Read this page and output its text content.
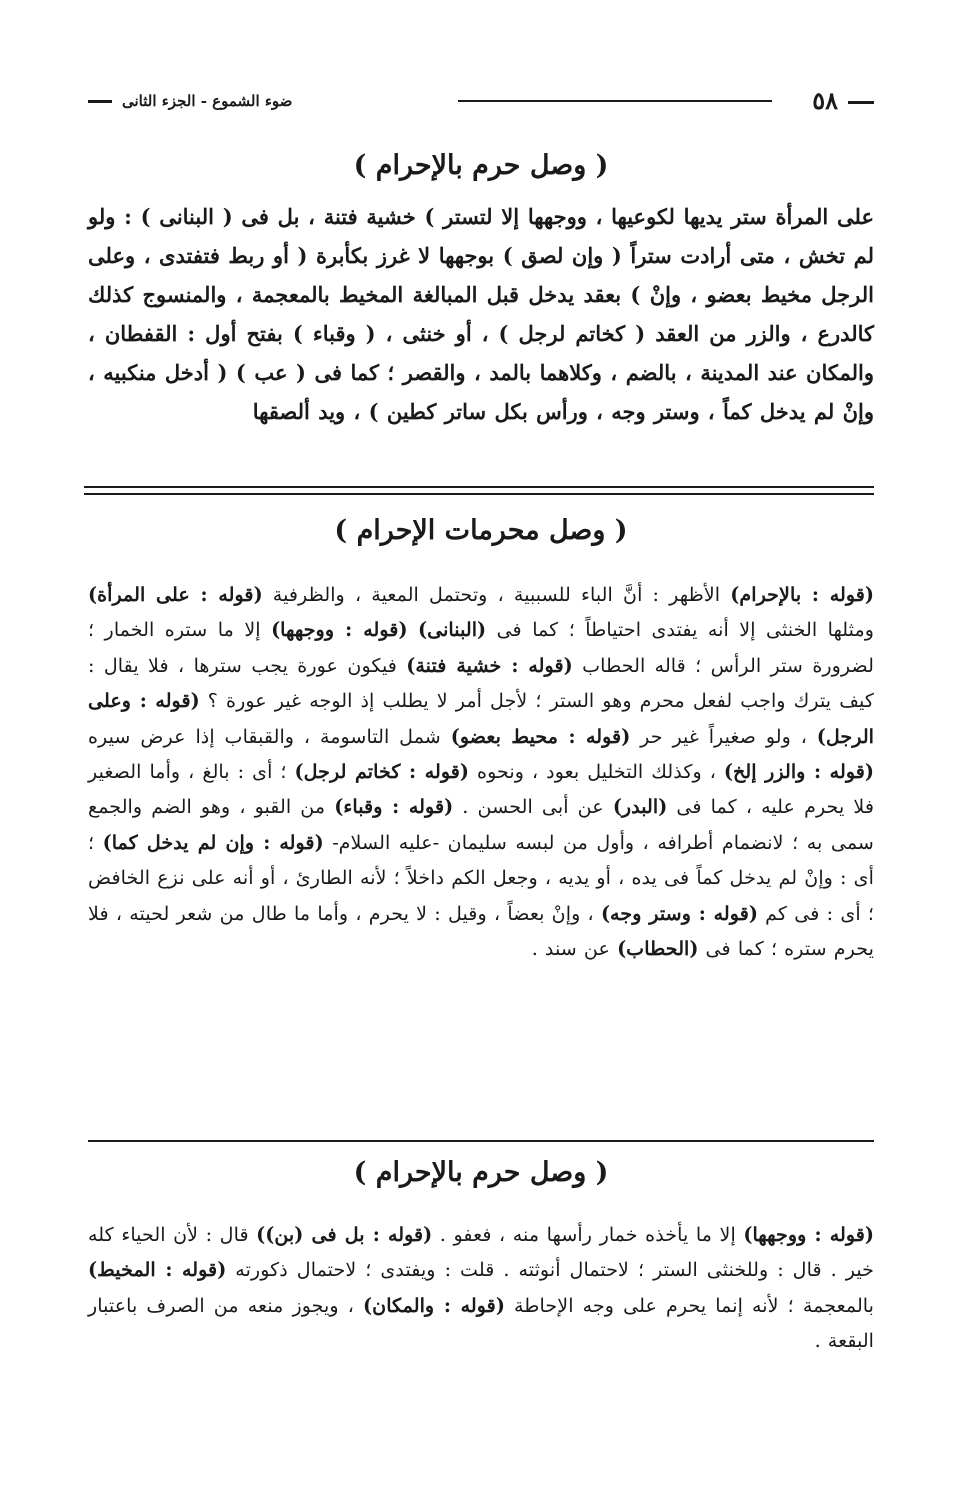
٥٨
ضوء الشموع - الجزء الثانى
( وصل حرم بالإحرام )
على المرأة ستر يديها لكوعيها ، ووجهها إلا لتستر ) خشية فتنة ، بل فى ( البنانى ) : ولو لم تخش ، متى أرادت ستراً ( وإن لصق ) بوجهها لا غرز بكأبرة ( أو ربط فتفتدى ، وعلى الرجل مخيط بعضو ، وإنْ ) بعقد يدخل قبل المبالغة المخيط بالمعجمة ، والمنسوج كذلك كالدرع ، والزر من العقد ( كخاتم لرجل ) ، أو خنثى ، ( وقباء ) بفتح أول : القفطان ، والمكان عند المدينة ، بالضم ، وكلاهما بالمد ، والقصر ؛ كما فى ( عب ) ( أدخل منكبيه ، وإنْ لم يدخل كماً ، وستر وجه ، ورأس بكل ساتر كطين ) ، ويد ألصقها
( وصل محرمات الإحرام )
(قوله : بالإحرام) الأظهر : أنَّ الباء للسببية ، وتحتمل المعية ، والظرفية (قوله : على المرأة) ومثلها الخنثى إلا أنه يفتدى احتياطاً ؛ كما فى (البنانى) (قوله : ووجهها) إلا ما ستره الخمار ؛ لضرورة ستر الرأس ؛ قاله الحطاب (قوله : خشية فتنة) فيكون عورة يجب سترها ، فلا يقال : كيف يترك واجب لفعل محرم وهو الستر ؛ لأجل أمر لا يطلب إذ الوجه غير عورة ؟ (قوله : وعلى الرجل) ، ولو صغيراً غير حر (قوله : محيط بعضو) شمل التاسومة ، والقبقاب إذا عرض سيره (قوله : والزر إلخ) ، وكذلك التخليل بعود ، ونحوه (قوله : كخاتم لرجل) ؛ أى : بالغ ، وأما الصغير فلا يحرم عليه ، كما فى (البدر) عن أبى الحسن . (قوله : وقباء) من القبو ، وهو الضم والجمع سمى به ؛ لانضمام أطرافه ، وأول من لبسه سليمان -عليه السلام- (قوله : وإن لم يدخل كما) ؛ أى : وإنْ لم يدخل كماً فى يده ، أو يديه ، وجعل الكم داخلاً ؛ لأنه الطارئ ، أو أنه على نزع الخافض ؛ أى : فى كم (قوله : وستر وجه) ، وإنْ بعضاً ، وقيل : لا يحرم ، وأما ما طال من شعر لحيته ، فلا يحرم ستره ؛ كما فى (الحطاب) عن سند .
( وصل حرم بالإحرام )
(قوله : ووجهها) إلا ما يأخذه خمار رأسها منه ، فعفو . (قوله : بل فى (بن)) قال : لأن الحياء كله خير . قال : وللخنثى الستر ؛ لاحتمال أنوثته . قلت : ويفتدى ؛ لاحتمال ذكورته (قوله : المخيط) بالمعجمة ؛ لأنه إنما يحرم على وجه الإحاطة (قوله : والمكان) ، ويجوز منعه من الصرف باعتبار البقعة .
